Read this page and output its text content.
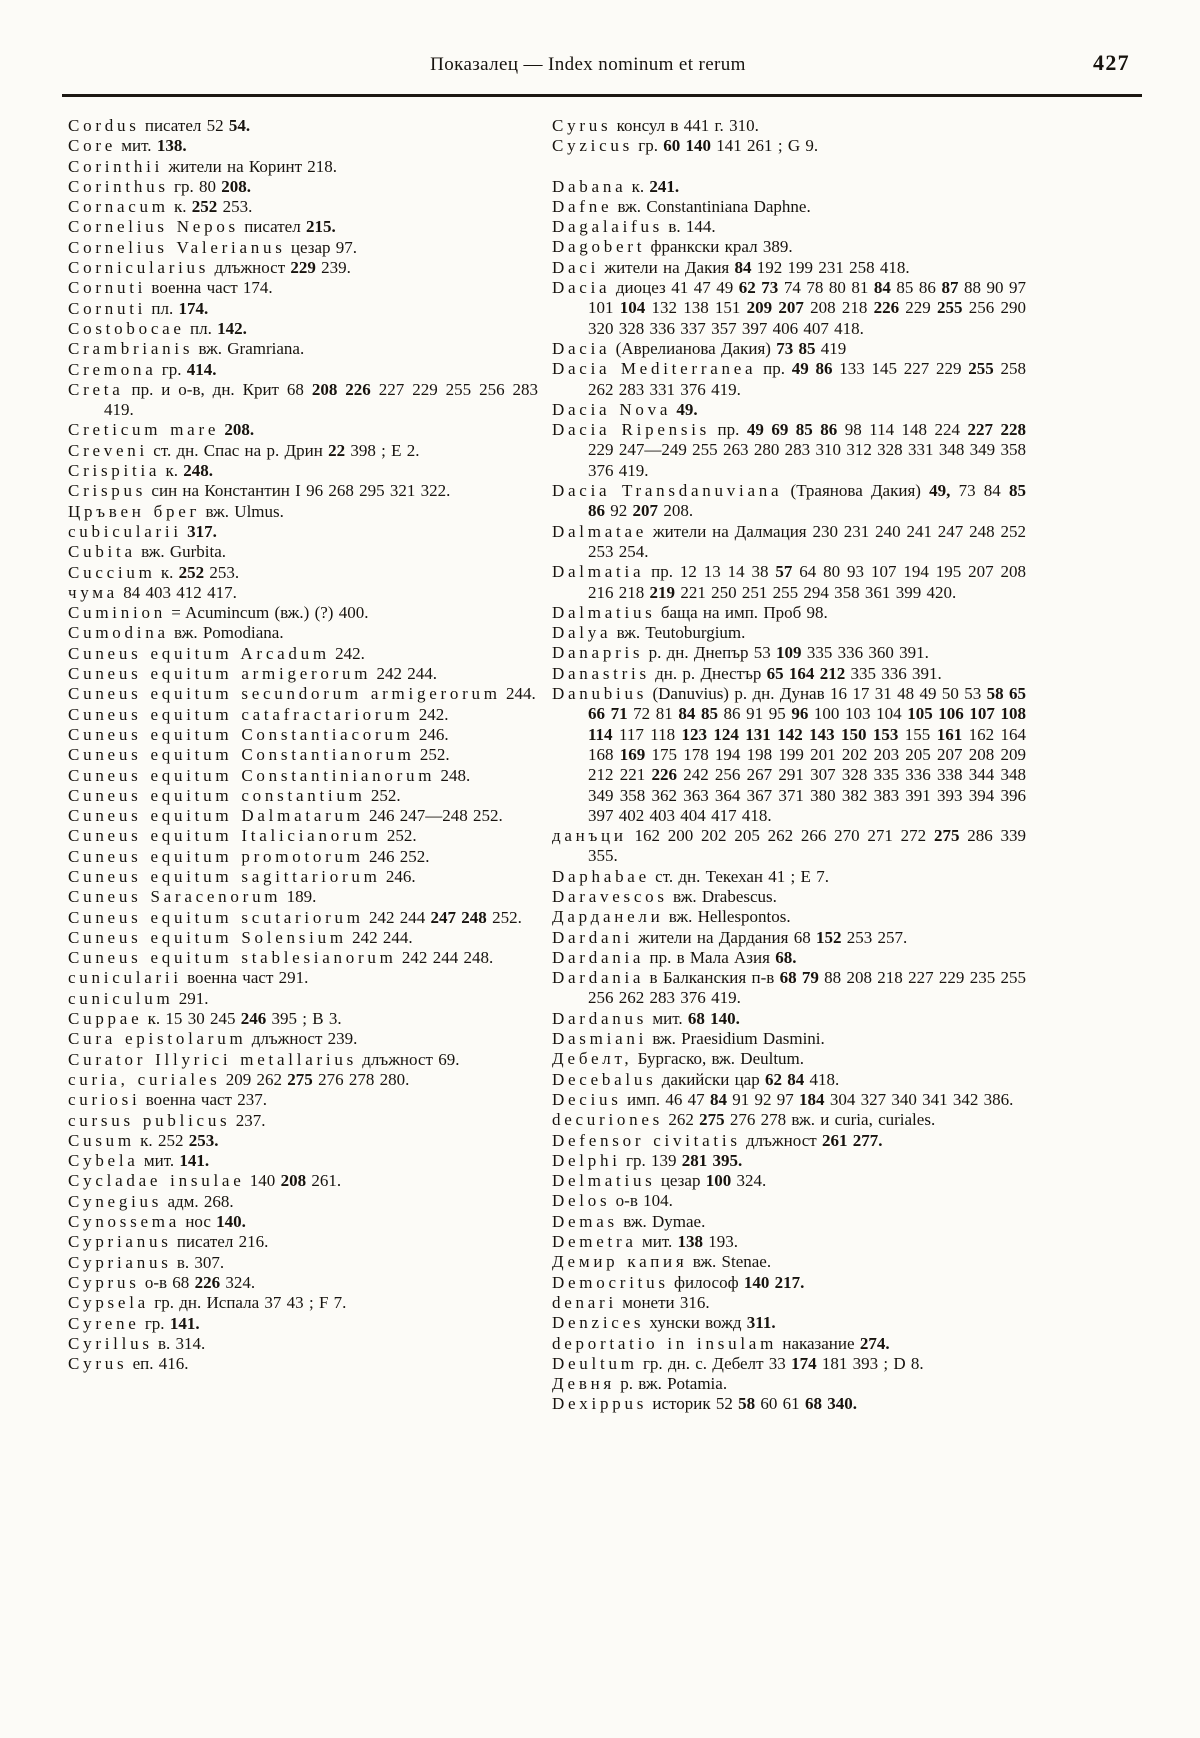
Показалец — Index nominum et rerum	427

Cordus писател 52 54.

Core мит. 138.

Corinthii жители на Коринт 218.

Corinthus гр. 80 208.

Cornacum к. 252 253.

Cornelius Nepos писател 215.

Cornelius Valerianus цезар 97.

Cornicularius длъжност 229 239.

Cornuti военна част 174.

Cornuti пл. 174.

Costobocae пл. 142.

Crambrianis вж. Gramriana.

Cremona гр. 414.

Creta пр. и о-в, дн. Крит 68 208 226 227 229 255 256 283 419.

Creticum mare 208.

Creveni ст. дн. Спас на р. Дрин 22 398 ; Е 2.

Crispitia к. 248.

Crispus син на Константин I 96 268 295 321 322.

Цръвен брег вж. Ulmus.

cubicularii 317.

Cubita вж. Gurbita.

Cuccium к. 252 253.

чума 84 403 412 417.

Cuminion = Acumincum (вж.) (?) 400.

Cumodina вж. Pomodiana.

Cuneus equitum Arcadum 242.

Cuneus equitum armigerorum 242 244.

Cuneus equitum secundorum armigerorum 244.

Cuneus equitum catafractariorum 242.

Cuneus equitum Constantiacorum 246.

Cuneus equitum Constantianorum 252.

Cuneus equitum Constantinianorum 248.

Cuneus equitum constantium 252.

Cuneus equitum Dalmatarum 246 247—248 252.

Cuneus equitum Italicianorum 252.

Cuneus equitum promotorum 246 252.

Cuneus equitum sagittariorum 246.

Cuneus Saracenorum 189.

Cuneus equitum scutariorum 242 244 247 248 252.

Cuneus equitum Solensium 242 244.

Cuneus equitum stablesianorum 242 244 248.

cunicularii военна част 291.

cuniculum 291.

Cuppae к. 15 30 245 246 395 ; В 3.

Cura epistolarum длъжност 239.

Curator Illyrici metallarius длъжност 69.

curia, curiales 209 262 275 276 278 280.

curiosi военна част 237.

cursus publicus 237.

Cusum к. 252 253.

Cybela мит. 141.

Cycladae insulae 140 208 261.

Cynegius адм. 268.

Cynossema нос 140.

Cyprianus писател 216.

Cyprianus в. 307.

Cyprus о-в 68 226 324.

Cypsela гр. дн. Испала 37 43 ; F 7.

Cyrene гр. 141.

Cyrillus в. 314.

Cyrus еп. 416.

Cyrus консул в 441 г. 310.

Cyzicus гр. 60 140 141 261 ; G 9.

Dabana к. 241.

Dafne вж. Constantiniana Daphne.

Dagalaifus в. 144.

Dagobert франкски крал 389.

Daci жители на Дакия 84 192 199 231 258 418.

Dacia диоцез 41 47 49 62 73 74 78 80 81 84 85 86 87 88 90 97 101 104 132 138 151 209 207 208 218 226 229 255 256 290 320 328 336 337 357 397 406 407 418.

Dacia (Аврелианова Дакия) 73 85 419

Dacia Mediterranea пр. 49 86 133 145 227 229 255 258 262 283 331 376 419.

Dacia Nova 49.

Dacia Ripensis пр. 49 69 85 86 98 114 148 224 227 228 229 247—249 255 263 280 283 310 312 328 331 348 349 358 376 419.

Dacia Transdanuviana (Траянова Дакия) 49, 73 84 85 86 92 207 208.

Dalmatae жители на Далмация 230 231 240 241 247 248 252 253 254.

Dalmatia пр. 12 13 14 38 57 64 80 93 107 194 195 207 208 216 218 219 221 250 251 255 294 358 361 399 420.

Dalmatius баща на имп. Проб 98.

Dalya вж. Teutoburgium.

Danapris р. дн. Днепър 53 109 335 336 360 391.

Danastris дн. р. Днестър 65 164 212 335 336 391.

Danubius (Danuvius) р. дн. Дунав 16 17 31 48 49 50 53 58 65 66 71 72 81 84 85 86 91 95 96 100 103 104 105 106 107 108 114 117 118 123 124 131 142 143 150 153 155 161 162 164 168 169 175 178 194 198 199 201 202 203 205 207 208 209 212 221 226 242 256 267 291 307 328 335 336 338 344 348 349 358 362 363 364 367 371 380 382 383 391 393 394 396 397 402 403 404 417 418.

данъци 162 200 202 205 262 266 270 271 272 275 286 339 355.

Daphabae ст. дн. Текехан 41 ; Е 7.

Daravescos вж. Drabescus.

Дарданели вж. Hellespontos.

Dardani жители на Дардания 68 152 253 257.

Dardania пр. в Мала Азия 68.

Dardania в Балканския п-в 68 79 88 208 218 227 229 235 255 256 262 283 376 419.

Dardanus мит. 68 140.

Dasmiani вж. Praesidium Dasmini.

Дебелт, Бургаско, вж. Deultum.

Decebalus дакийски цар 62 84 418.

Decius имп. 46 47 84 91 92 97 184 304 327 340 341 342 386.

decuriones 262 275 276 278 вж. и curia, curiales.

Defensor civitatis длъжност 261 277.

Delphi гр. 139 281 395.

Delmatius цезар 100 324.

Delos о-в 104.

Demas вж. Dymae.

Demetra мит. 138 193.

Демир капия вж. Stenae.

Democritus философ 140 217.

denari монети 316.

Denzices хунски вожд 311.

deportatio in insulam наказание 274.

Deultum гр. дн. с. Дебелт 33 174 181 393 ; D 8.

Девня р. вж. Potamia.

Dexippus историк 52 58 60 61 68 340.
